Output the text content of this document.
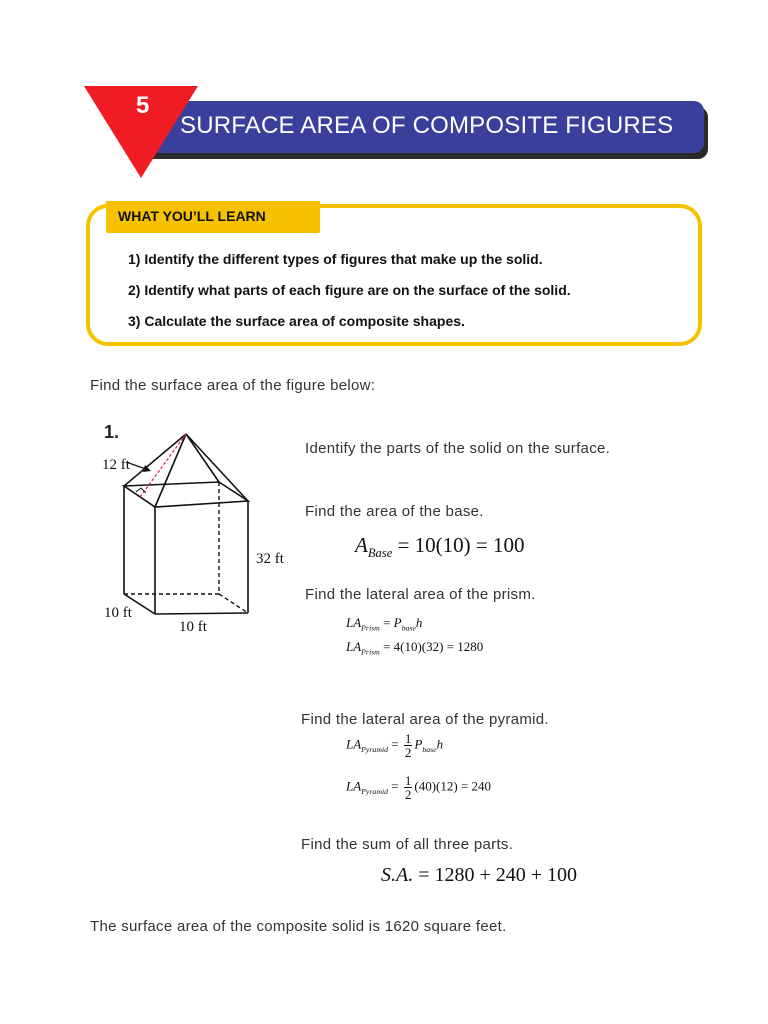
SURFACE AREA OF COMPOSITE FIGURES
5
WHAT YOU’LL LEARN
1) Identify the different types of figures that make up the solid.
2) Identify what parts of each figure are on the surface of the solid.
3) Calculate the surface area of composite shapes.
Find the surface area of the figure below:
1.
12 ft
32 ft
10 ft
10 ft
Identify the parts of the solid on the surface.
Find the area of the base.
$A_{Base} = 10(10) = 100$
Find the lateral area of the prism.
$LA_{Prism} = P_{base}h$
$LA_{Prism} = 4(10)(32) = 1280$
Find the lateral area of the pyramid.
$LA_{Pyramid} = \frac{1}{2} P_{base}h$
$LA_{Pyramid} = \frac{1}{2} (40)(12) = 240$
Find the sum of all three parts.
S.A. = 1280 + 240 + 100
The surface area of the composite solid is 1620 square feet.
